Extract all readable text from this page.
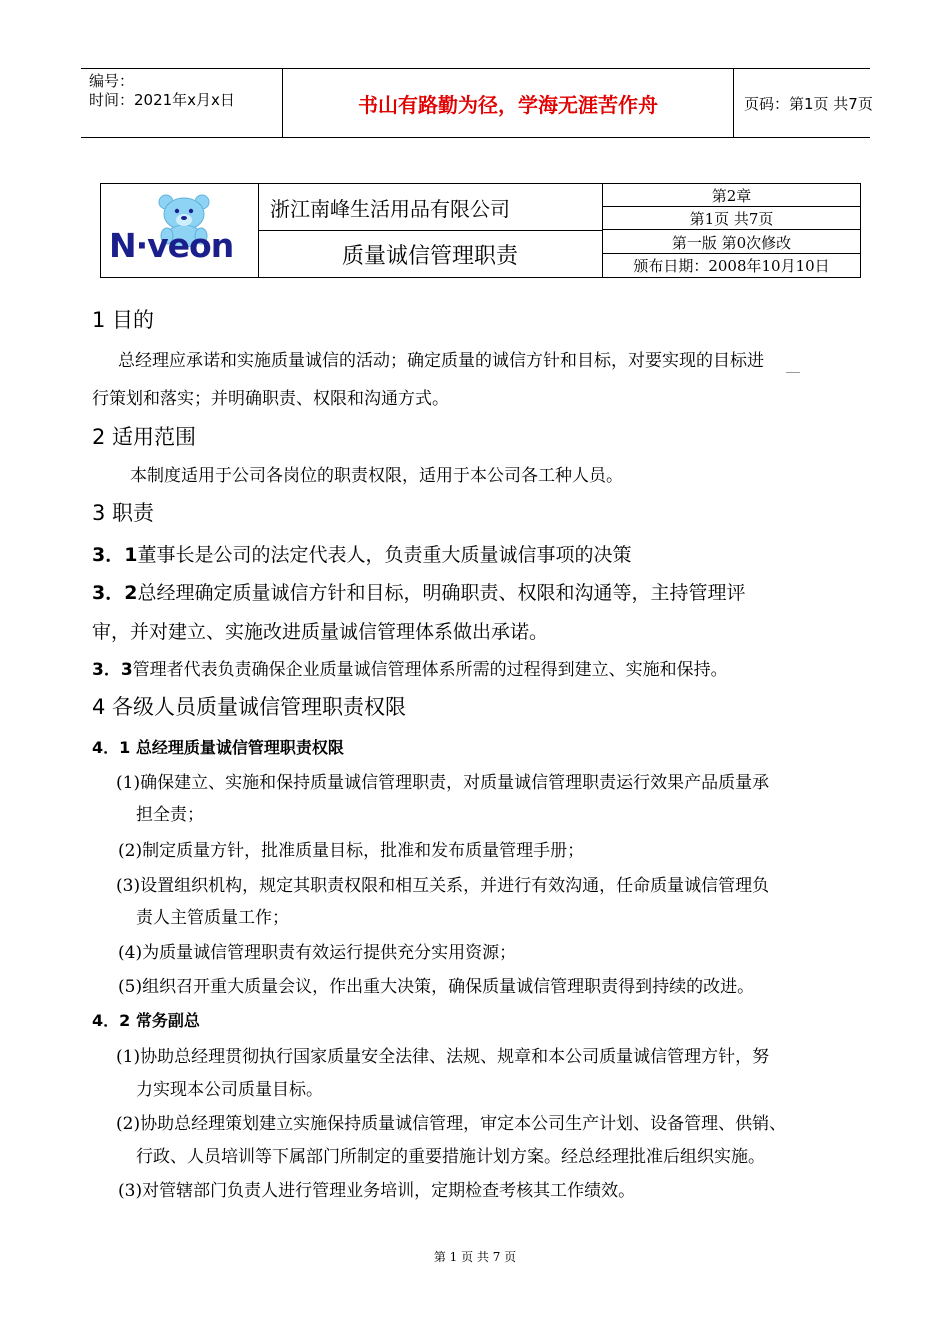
编号：
时间：2021年x月x日	书山有路勤为径，学海无涯苦作舟	页码：第1页 共7页
N·veon
浙江南峰生活用品有限公司
质量诚信管理职责
第2章
第1页 共7页
第一版 第0次修改
颁布日期：2008年10月10日
1 目的
总经理应承诺和实施质量诚信的活动；确定质量的诚信方针和目标，对要实现的目标进
行策划和落实；并明确职责、权限和沟通方式。
2 适用范围
本制度适用于公司各岗位的职责权限，适用于本公司各工种人员。
3 职责
3．1董事长是公司的法定代表人，负责重大质量诚信事项的决策
3．2总经理确定质量诚信方针和目标，明确职责、权限和沟通等，主持管理评
审，并对建立、实施改进质量诚信管理体系做出承诺。
3．3管理者代表负责确保企业质量诚信管理体系所需的过程得到建立、实施和保持。
4 各级人员质量诚信管理职责权限
4．1 总经理质量诚信管理职责权限
(1)确保建立、实施和保持质量诚信管理职责，对质量诚信管理职责运行效果产品质量承
担全责；
(2)制定质量方针，批准质量目标，批准和发布质量管理手册；
(3)设置组织机构，规定其职责权限和相互关系，并进行有效沟通，任命质量诚信管理负
责人主管质量工作；
(4)为质量诚信管理职责有效运行提供充分实用资源；
(5)组织召开重大质量会议，作出重大决策，确保质量诚信管理职责得到持续的改进。
4．2 常务副总
(1)协助总经理贯彻执行国家质量安全法律、法规、规章和本公司质量诚信管理方针，努
力实现本公司质量目标。
(2)协助总经理策划建立实施保持质量诚信管理，审定本公司生产计划、设备管理、供销、
行政、人员培训等下属部门所制定的重要措施计划方案。经总经理批准后组织实施。
(3)对管辖部门负责人进行管理业务培训，定期检查考核其工作绩效。
第 1 页 共 7 页
